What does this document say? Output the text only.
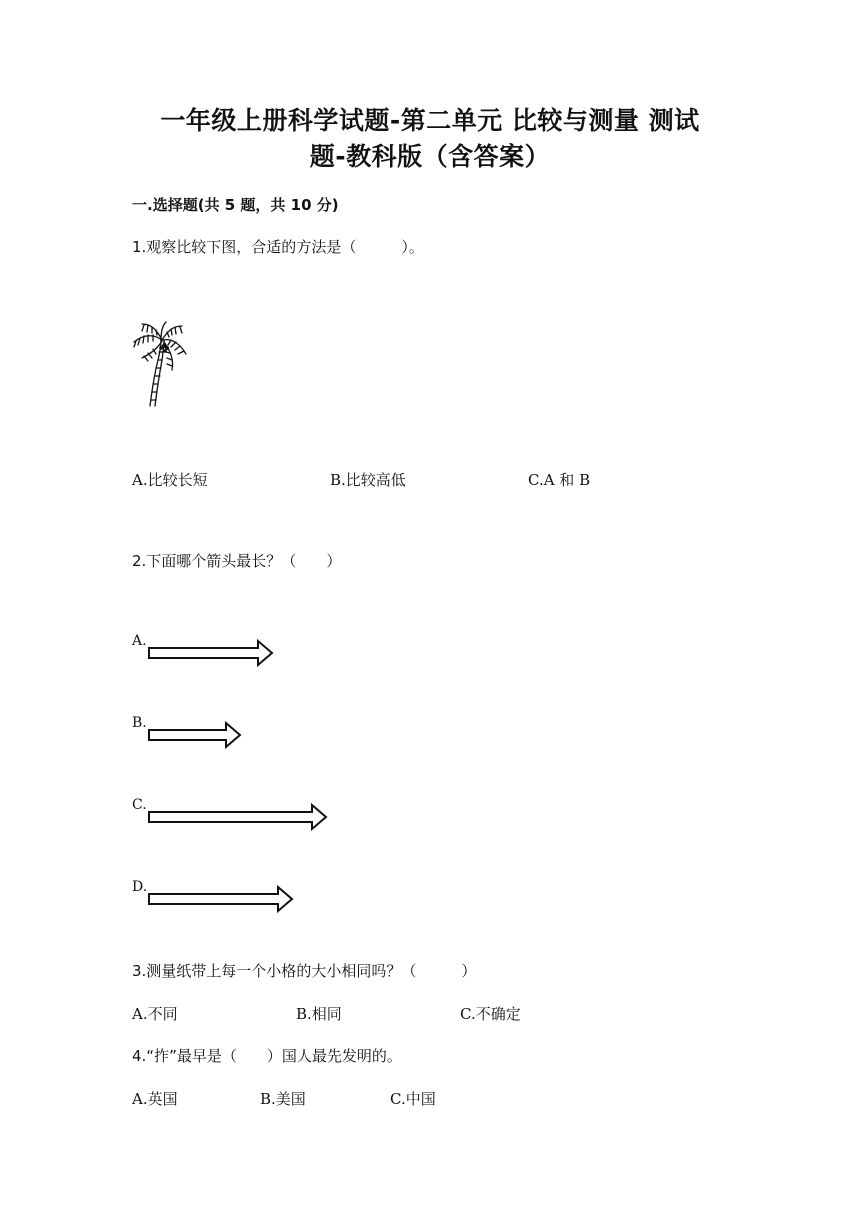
一年级上册科学试题-第二单元 比较与测量 测试
题-教科版（含答案）
一.选择题(共 5 题，共 10 分)
1.观察比较下图，合适的方法是（　　　）。
A.比较长短	B.比较高低	C.A 和 B
2.下面哪个箭头最长？（　　）
A.
B.
C.
D.
3.测量纸带上每一个小格的大小相同吗？（　　　）
A.不同	B.相同	C.不确定
4.“拃”最早是（　　）国人最先发明的。
A.英国	B.美国	C.中国
